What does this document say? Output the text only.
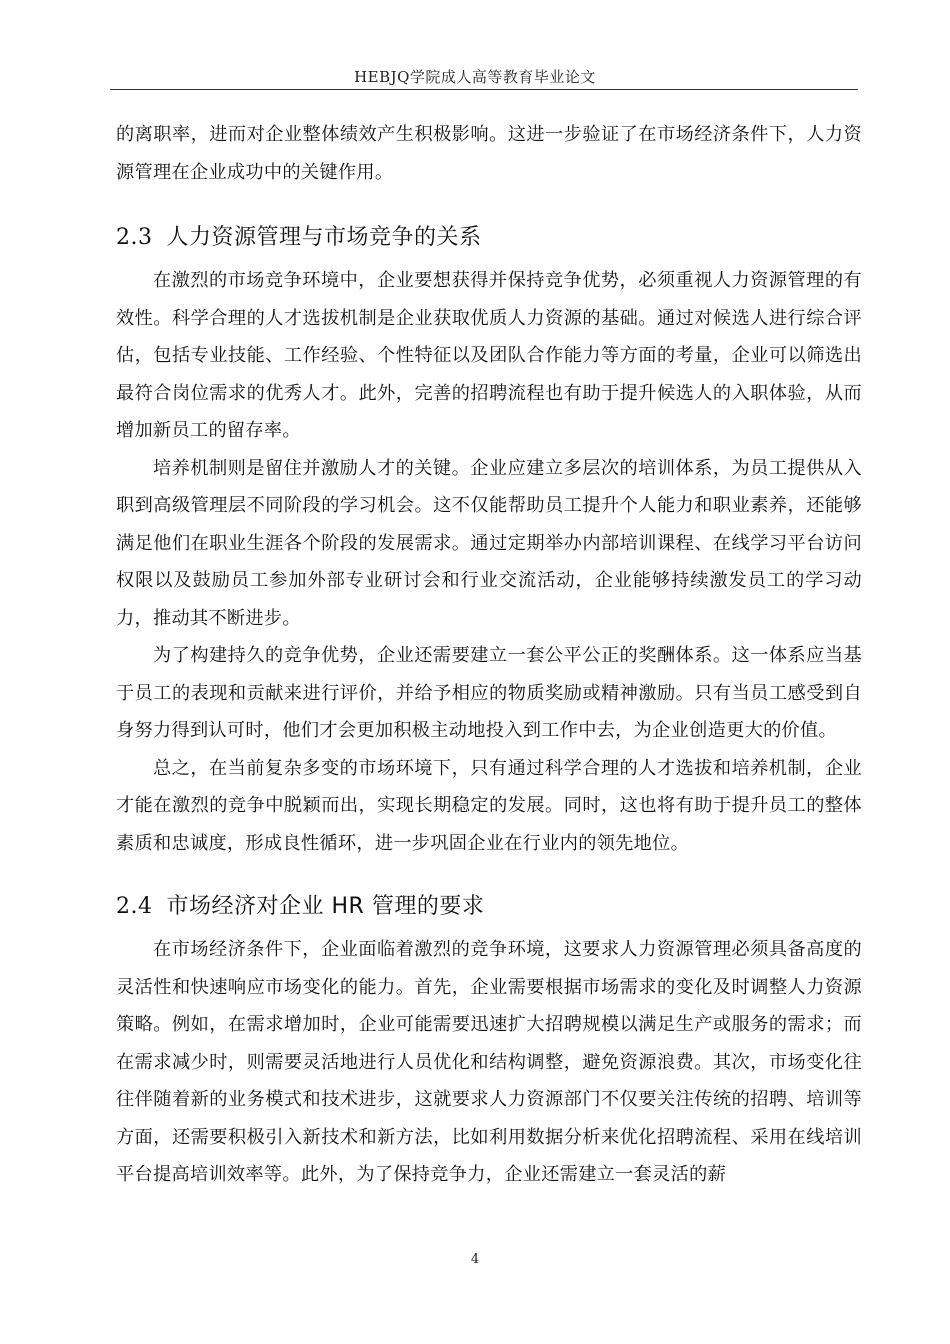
HEBJQ学院成人高等教育毕业论文

的离职率，进而对企业整体绩效产生积极影响。这进一步验证了在市场经济条件下，人力资源管理在企业成功中的关键作用。

2.3 人力资源管理与市场竞争的关系

在激烈的市场竞争环境中，企业要想获得并保持竞争优势，必须重视人力资源管理的有效性。科学合理的人才选拔机制是企业获取优质人力资源的基础。通过对候选人进行综合评估，包括专业技能、工作经验、个性特征以及团队合作能力等方面的考量，企业可以筛选出最符合岗位需求的优秀人才。此外，完善的招聘流程也有助于提升候选人的入职体验，从而增加新员工的留存率。

培养机制则是留住并激励人才的关键。企业应建立多层次的培训体系，为员工提供从入职到高级管理层不同阶段的学习机会。这不仅能帮助员工提升个人能力和职业素养，还能够满足他们在职业生涯各个阶段的发展需求。通过定期举办内部培训课程、在线学习平台访问权限以及鼓励员工参加外部专业研讨会和行业交流活动，企业能够持续激发员工的学习动力，推动其不断进步。

为了构建持久的竞争优势，企业还需要建立一套公平公正的奖酬体系。这一体系应当基于员工的表现和贡献来进行评价，并给予相应的物质奖励或精神激励。只有当员工感受到自身努力得到认可时，他们才会更加积极主动地投入到工作中去，为企业创造更大的价值。

总之，在当前复杂多变的市场环境下，只有通过科学合理的人才选拔和培养机制，企业才能在激烈的竞争中脱颖而出，实现长期稳定的发展。同时，这也将有助于提升员工的整体素质和忠诚度，形成良性循环，进一步巩固企业在行业内的领先地位。

2.4 市场经济对企业 HR 管理的要求

在市场经济条件下，企业面临着激烈的竞争环境，这要求人力资源管理必须具备高度的灵活性和快速响应市场变化的能力。首先，企业需要根据市场需求的变化及时调整人力资源策略。例如，在需求增加时，企业可能需要迅速扩大招聘规模以满足生产或服务的需求；而在需求减少时，则需要灵活地进行人员优化和结构调整，避免资源浪费。其次，市场变化往往伴随着新的业务模式和技术进步，这就要求人力资源部门不仅要关注传统的招聘、培训等方面，还需要积极引入新技术和新方法，比如利用数据分析来优化招聘流程、采用在线培训平台提高培训效率等。此外，为了保持竞争力，企业还需建立一套灵活的薪

4
